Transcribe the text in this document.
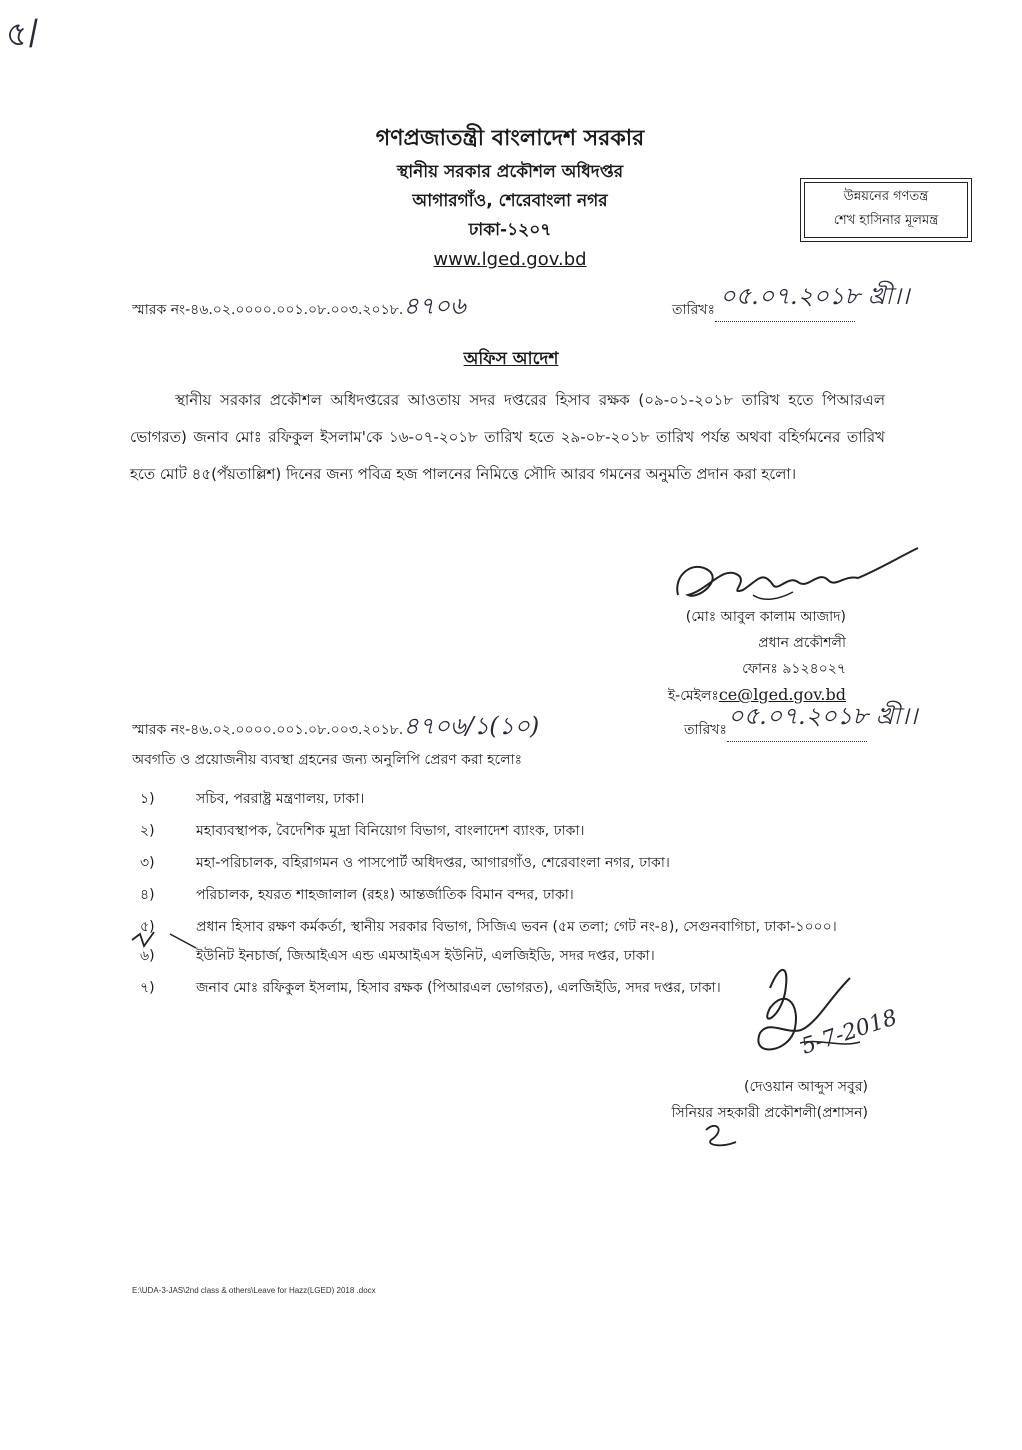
৫/
গণপ্রজাতন্ত্রী বাংলাদেশ সরকার
স্থানীয় সরকার প্রকৌশল অধিদপ্তর
আগারগাঁও, শেরেবাংলা নগর
ঢাকা-১২০৭
www.lged.gov.bd
উন্নয়নের গণতন্ত্র
শেখ হাসিনার মূলমন্ত্র
স্মারক নং-৪৬.০২.০০০০.০০১.০৮.০০৩.২০১৮.৪৭০৬	তারিখঃ ০৫.০৭.২০১৮ খ্রী।।
অফিস আদেশ
স্থানীয় সরকার প্রকৌশল অধিদপ্তরের আওতায় সদর দপ্তরের হিসাব রক্ষক (০৯-০১-২০১৮ তারিখ হতে পিআরএল ভোগরত) জনাব মোঃ রফিকুল ইসলাম'কে ১৬-০৭-২০১৮ তারিখ হতে ২৯-০৮-২০১৮ তারিখ পর্যন্ত অথবা বহির্গমনের তারিখ হতে মোট ৪৫(পঁয়তাল্লিশ) দিনের জন্য পবিত্র হজ পালনের নিমিত্তে সৌদি আরব গমনের অনুমতি প্রদান করা হলো।
(মোঃ আবুল কালাম আজাদ)
প্রধান প্রকৌশলী
ফোনঃ ৯১২৪০২৭
ই-মেইলঃce@lged.gov.bd
স্মারক নং-৪৬.০২.০০০০.০০১.০৮.০০৩.২০১৮.৪৭০৬/১(১০)	তারিখঃ ০৫.০৭.২০১৮ খ্রী।।
অবগতি ও প্রয়োজনীয় ব্যবস্থা গ্রহনের জন্য অনুলিপি প্রেরণ করা হলোঃ
১)	সচিব, পররাষ্ট্র মন্ত্রণালয়, ঢাকা।
২)	মহাব্যবস্থাপক, বৈদেশিক মুদ্রা বিনিয়োগ বিভাগ, বাংলাদেশ ব্যাংক, ঢাকা।
৩)	মহা-পরিচালক, বহিরাগমন ও পাসপোর্ট অধিদপ্তর, আগারগাঁও, শেরেবাংলা নগর, ঢাকা।
৪)	পরিচালক, হযরত শাহজালাল (রহঃ) আন্তর্জাতিক বিমান বন্দর, ঢাকা।
৫)	প্রধান হিসাব রক্ষণ কর্মকর্তা, স্থানীয় সরকার বিভাগ, সিজিএ ভবন (৫ম তলা; গেট নং-৪), সেগুনবাগিচা, ঢাকা-১০০০।
৬)	ইউনিট ইনচার্জ, জিআইএস এন্ড এমআইএস ইউনিট, এলজিইডি, সদর দপ্তর, ঢাকা।
৭)	জনাব মোঃ রফিকুল ইসলাম, হিসাব রক্ষক (পিআরএল ভোগরত), এলজিইডি, সদর দপ্তর, ঢাকা।
5-7-2018
(দেওয়ান আব্দুস সবুর)
সিনিয়র সহকারী প্রকৌশলী(প্রশাসন)
E:\UDA-3-JAS\2nd class & others\Leave for Hazz(LGED) 2018 .docx
